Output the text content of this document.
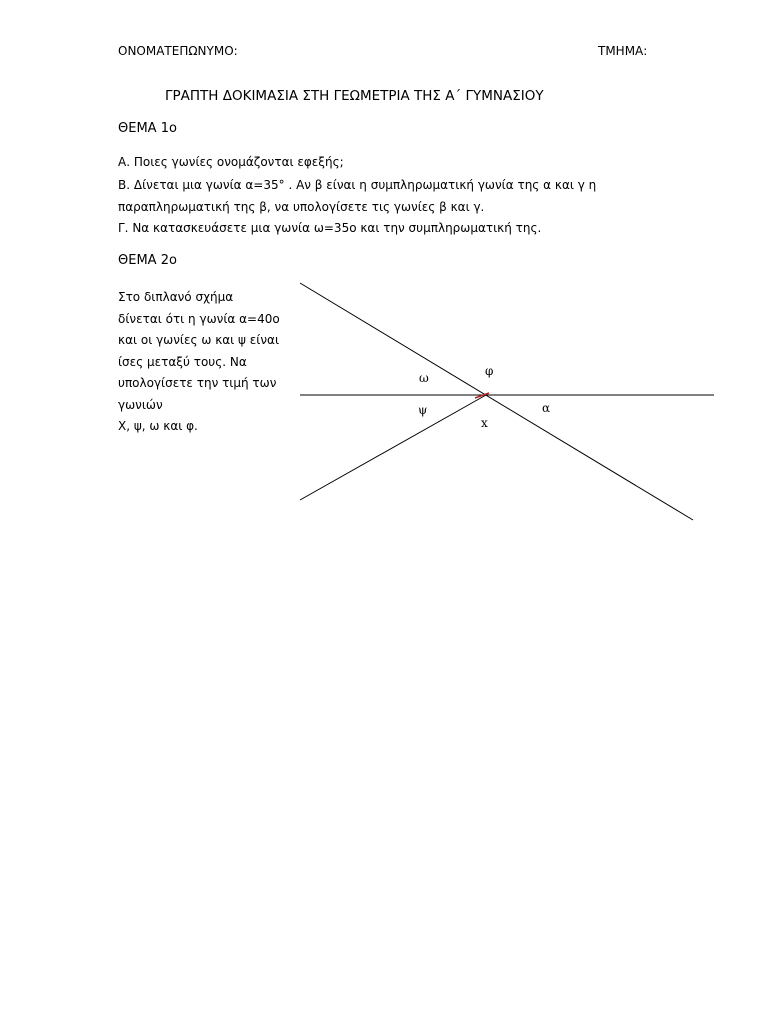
ΟΝΟΜΑΤΕΠΩΝΥΜΟ:	ΤΜΗΜΑ:
ΓΡΑΠΤΗ ΔΟΚΙΜΑΣΙΑ ΣΤΗ ΓΕΩΜΕΤΡΙΑ ΤΗΣ Α΄ ΓΥΜΝΑΣΙΟΥ
ΘΕΜΑ 1ο
Α. Ποιες γωνίες ονομάζονται εφεξής;
Β. Δίνεται μια γωνία α=35° . Αν β είναι η συμπληρωματική γωνία της α και γ η
παραπληρωματική της β, να υπολογίσετε τις γωνίες β και γ.
Γ. Να κατασκευάσετε μια γωνία ω=35ο και την συμπληρωματική της.
ΘΕΜΑ 2ο
Στο διπλανό σχήμα
δίνεται ότι η γωνία α=40ο
και οι γωνίες ω και ψ είναι
ίσες μεταξύ τους. Να
υπολογίσετε την τιμή των
γωνιών
Χ, ψ, ω και φ.
ω	φ
ψ	α
x
